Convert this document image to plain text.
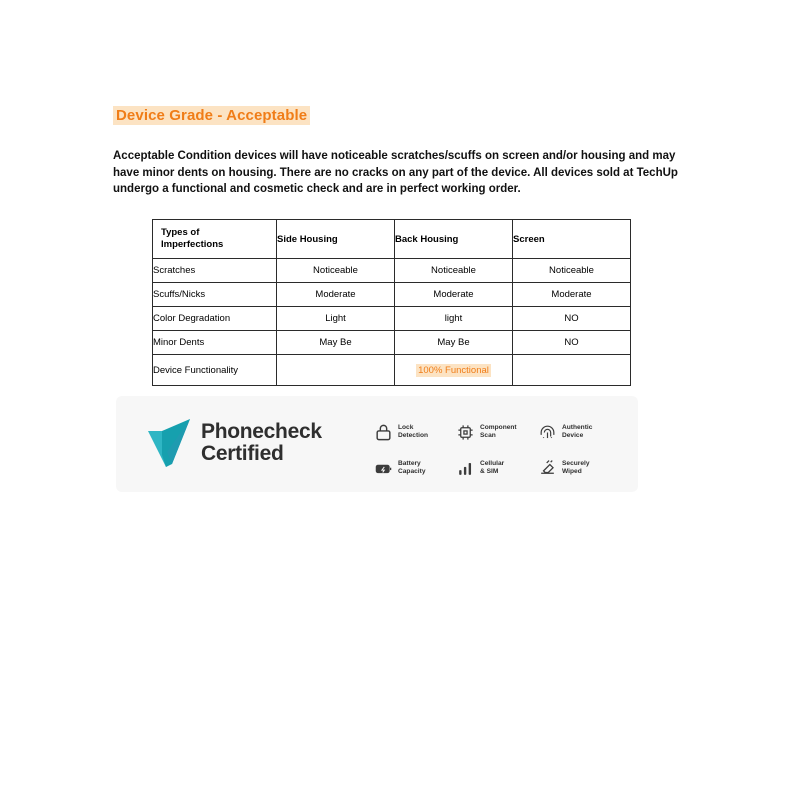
Device Grade - Acceptable
Acceptable Condition devices will have noticeable scratches/scuffs on screen and/or housing and may have minor dents on housing. There are no cracks on any part of the device. All devices sold at TechUp undergo a functional and cosmetic check and are in perfect working order.
Types of
Imperfections	Side Housing	Back Housing	Screen
Scratches	Noticeable	Noticeable	Noticeable
Scuffs/Nicks	Moderate	Moderate	Moderate
Color Degradation	Light	light	NO
Minor Dents	May Be	May Be	NO
Device Functionality		100% Functional	
Phonecheck
Certified
Lock
Detection
Component
Scan
Authentic
Device
Battery
Capacity
Cellular
& SIM
Securely
Wiped
